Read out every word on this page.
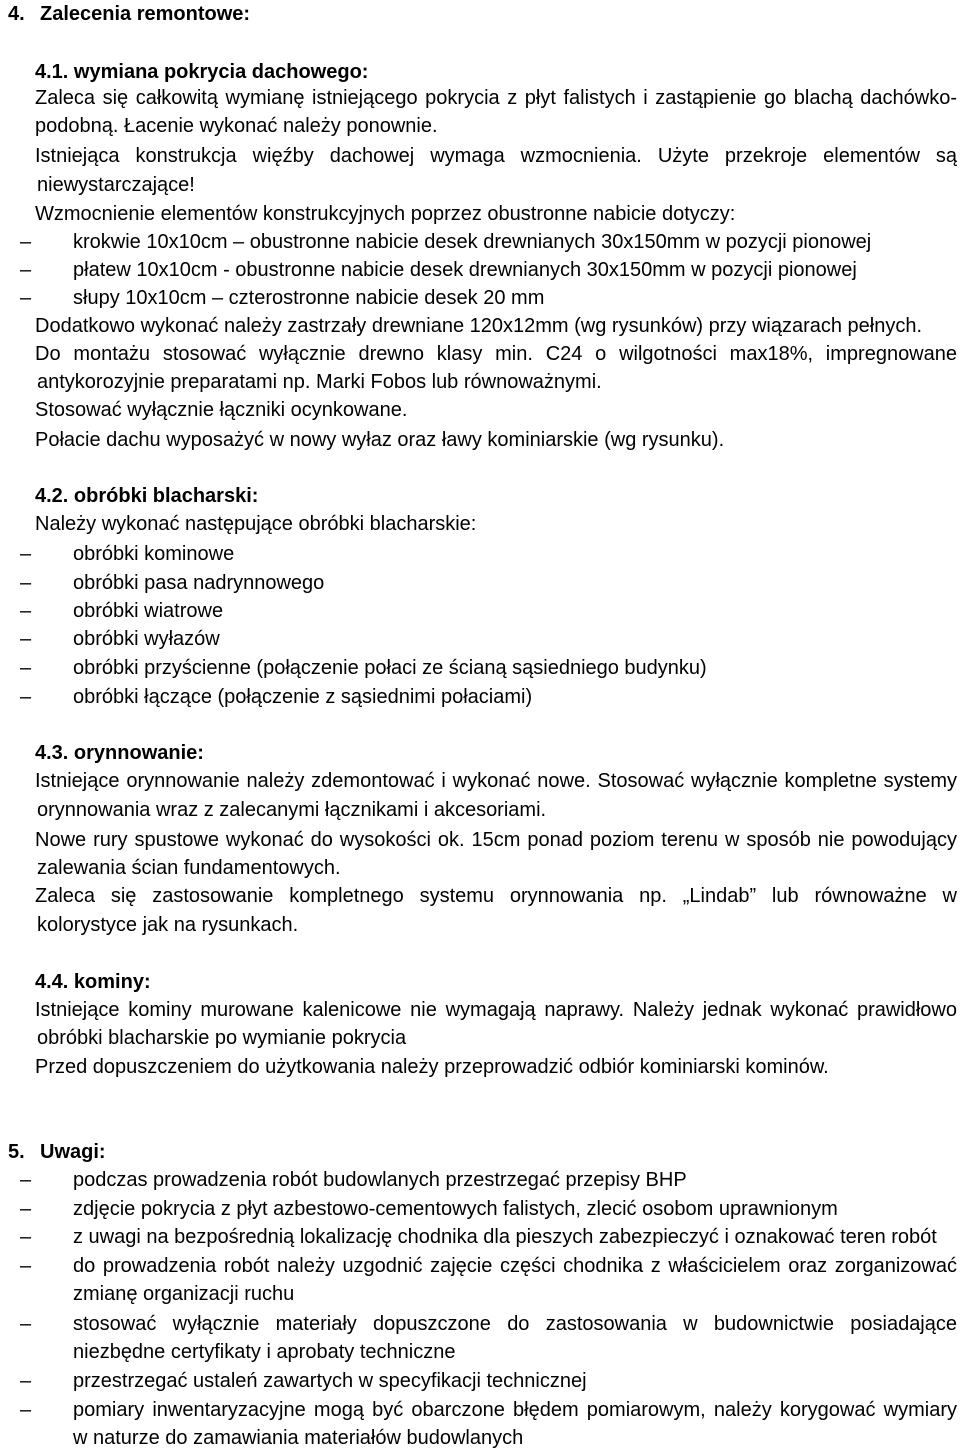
4. Zalecenia remontowe:
4.1. wymiana pokrycia dachowego:
Zaleca się całkowitą wymianę istniejącego pokrycia z płyt falistych i zastąpienie go blachą dachówko-
podobną. Łacenie wykonać należy ponownie.
Istniejąca konstrukcja więźby dachowej wymaga wzmocnienia. Użyte przekroje elementów są
niewystarczające!
Wzmocnienie elementów konstrukcyjnych poprzez obustronne nabicie dotyczy:
– krokwie 10x10cm – obustronne nabicie desek drewnianych 30x150mm w pozycji pionowej
– płatew 10x10cm - obustronne nabicie desek drewnianych 30x150mm w pozycji pionowej
– słupy 10x10cm – czterostronne nabicie desek 20 mm
Dodatkowo wykonać należy zastrzały drewniane 120x12mm (wg rysunków) przy wiązarach pełnych.
Do montażu stosować wyłącznie drewno klasy min. C24 o wilgotności max18%, impregnowane
antykorozyjnie preparatami np. Marki Fobos lub równoważnymi.
Stosować wyłącznie łączniki ocynkowane.
Połacie dachu wyposażyć w nowy wyłaz oraz ławy kominiarskie (wg rysunku).
4.2. obróbki blacharski:
Należy wykonać następujące obróbki blacharskie:
– obróbki kominowe
– obróbki pasa nadrynnowego
– obróbki wiatrowe
– obróbki wyłazów
– obróbki przyścienne (połączenie połaci ze ścianą sąsiedniego budynku)
– obróbki łączące (połączenie z sąsiednimi połaciami)
4.3. orynnowanie:
Istniejące orynnowanie należy zdemontować i wykonać nowe. Stosować wyłącznie kompletne systemy
orynnowania wraz z zalecanymi łącznikami i akcesoriami.
Nowe rury spustowe wykonać do wysokości ok. 15cm ponad poziom terenu w sposób nie powodujący
zalewania ścian fundamentowych.
Zaleca się zastosowanie kompletnego systemu orynnowania np. „Lindab” lub równoważne w
kolorystyce jak na rysunkach.
4.4. kominy:
Istniejące kominy murowane kalenicowe nie wymagają naprawy. Należy jednak wykonać prawidłowo
obróbki blacharskie po wymianie pokrycia
Przed dopuszczeniem do użytkowania należy przeprowadzić odbiór kominiarski kominów.
5. Uwagi:
– podczas prowadzenia robót budowlanych przestrzegać przepisy BHP
– zdjęcie pokrycia z płyt azbestowo-cementowych falistych, zlecić osobom uprawnionym
– z uwagi na bezpośrednią lokalizację chodnika dla pieszych zabezpieczyć i oznakować teren robót
– do prowadzenia robót należy uzgodnić zajęcie części chodnika z właścicielem oraz zorganizować
zmianę organizacji ruchu
– stosować wyłącznie materiały dopuszczone do zastosowania w budownictwie posiadające
niezbędne certyfikaty i aprobaty techniczne
– przestrzegać ustaleń zawartych w specyfikacji technicznej
– pomiary inwentaryzacyjne mogą być obarczone błędem pomiarowym, należy korygować wymiary
w naturze do zamawiania materiałów budowlanych
